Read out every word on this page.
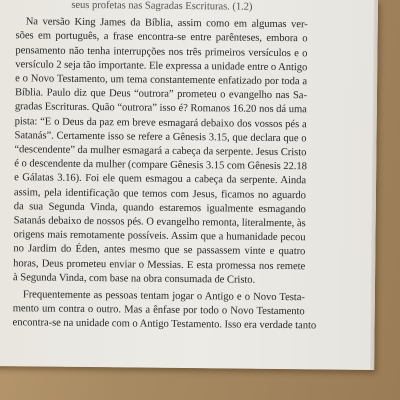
seus profetas nas Sagradas Escrituras. (1.2)
Na versão King James da Bíblia, assim como em algumas ver-
sões em português, a frase encontra-se entre parênteses, embora o
pensamento não tenha interrupções nos três primeiros versículos e o
versículo 2 seja tão importante. Ele expressa a unidade entre o Antigo
e o Novo Testamento, um tema constantemente enfatizado por toda a
Bíblia. Paulo diz que Deus “outrora” prometeu o evangelho nas Sa-
gradas Escrituras. Quão “outrora” isso é? Romanos 16.20 nos dá uma
pista: “E o Deus da paz em breve esmagará debaixo dos vossos pés a
Satanás”. Certamente isso se refere a Gênesis 3.15, que declara que o
“descendente” da mulher esmagará a cabeça da serpente. Jesus Cristo
é o descendente da mulher (compare Gênesis 3.15 com Gênesis 22.18
e Gálatas 3.16). Foi ele quem esmagou a cabeça da serpente. Ainda
assim, pela identificação que temos com Jesus, ficamos no aguardo
da sua Segunda Vinda, quando estaremos igualmente esmagando
Satanás debaixo de nossos pés. O evangelho remonta, literalmente, às
origens mais remotamente possíveis. Assim que a humanidade pecou
no Jardim do Éden, antes mesmo que se passassem vinte e quatro
horas, Deus prometeu enviar o Messias. E esta promessa nos remete
à Segunda Vinda, com base na obra consumada de Cristo.
Frequentemente as pessoas tentam jogar o Antigo e o Novo Testa-
mento um contra o outro. Mas a ênfase por todo o Novo Testamento
encontra-se na unidade com o Antigo Testamento. Isso era verdade tanto
